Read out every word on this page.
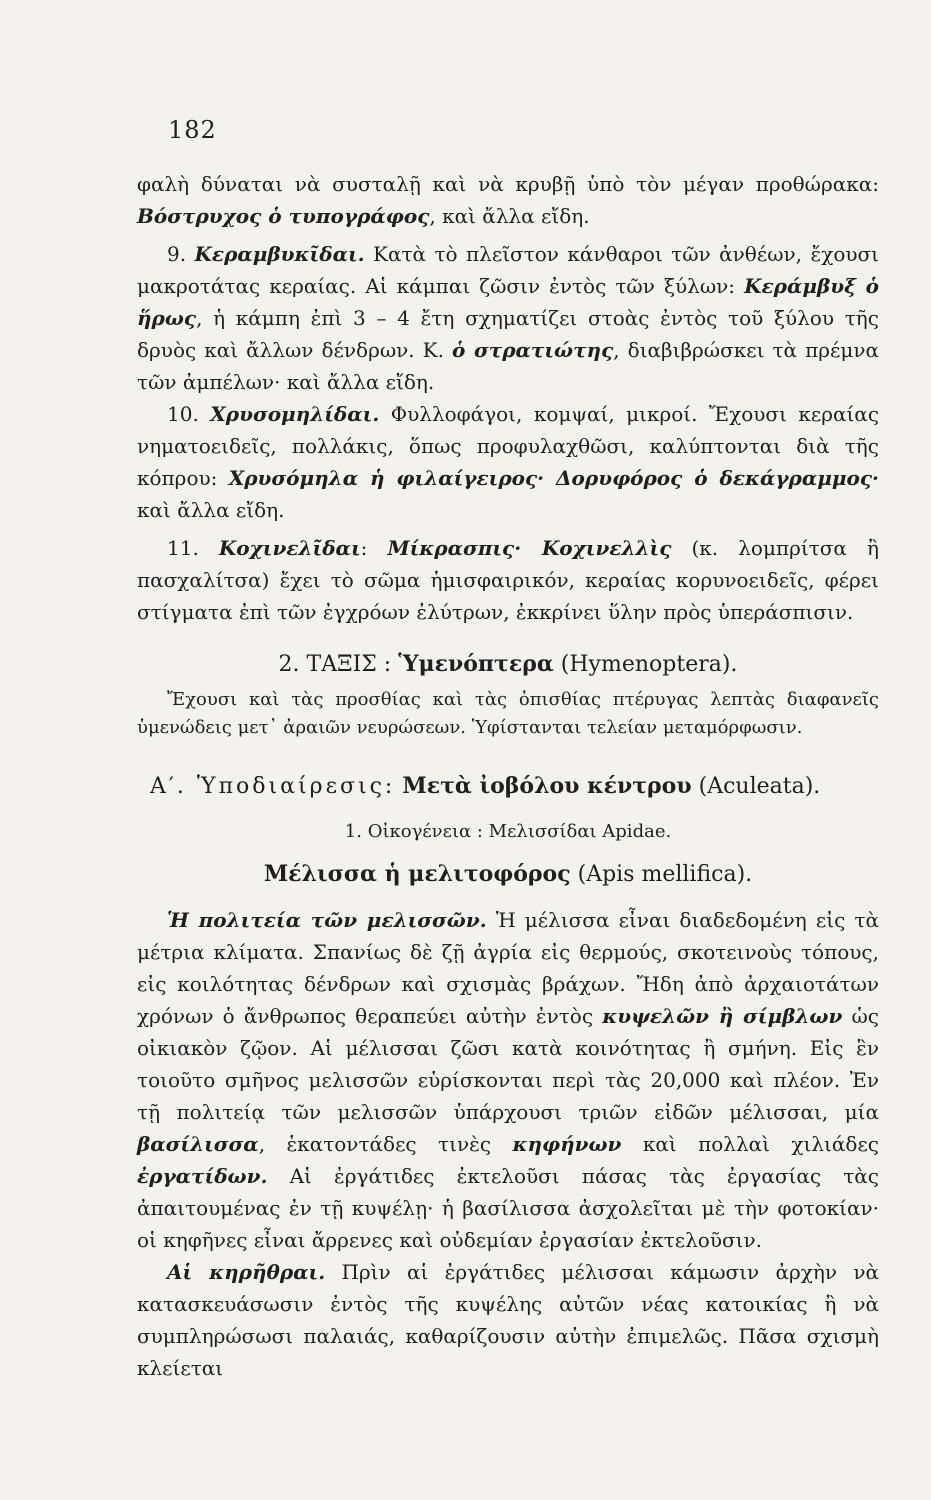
182

φαλὴ δύναται νὰ συσταλῇ καὶ νὰ κρυβῇ ὑπὸ τὸν μέγαν προθώρακα: Βόστρυχος ὁ τυπογράφος, καὶ ἄλλα εἴδη.

9. Κεραμβυκῖδαι. Κατὰ τὸ πλεῖστον κάνθαροι τῶν ἀνθέων, ἔχουσι μακροτάτας κεραίας. Αἱ κάμπαι ζῶσιν ἐντὸς τῶν ξύλων: Κεράμβυξ ὁ ἥρως, ἡ κάμπη ἐπὶ 3 – 4 ἔτη σχηματίζει στοὰς ἐντὸς τοῦ ξύλου τῆς δρυὸς καὶ ἄλλων δένδρων. Κ. ὁ στρατιώτης, διαβιβρώσκει τὰ πρέμνα τῶν ἀμπέλων· καὶ ἄλλα εἴδη.

10. Χρυσομηλίδαι. Φυλλοφάγοι, κομψαί, μικροί. Ἔχουσι κεραίας νηματοειδεῖς, πολλάκις, ὅπως προφυλαχθῶσι, καλύπτονται διὰ τῆς κόπρου: Χρυσόμηλα ἡ φιλαίγειρος· Δορυφόρος ὁ δεκάγραμμος· καὶ ἄλλα εἴδη.

11. Κοχινελῖδαι: Μίκρασπις· Κοχινελλὶς (κ. λομπρίτσα ἢ πασχαλίτσα) ἔχει τὸ σῶμα ἡμισφαιρικόν, κεραίας κορυνοειδεῖς, φέρει στίγματα ἐπὶ τῶν ἐγχρόων ἐλύτρων, ἐκκρίνει ὕλην πρὸς ὑπεράσπισιν.

2. ΤΑΞΙΣ : Ὑμενόπτερα (Hymenoptera).
Ἔχουσι καὶ τὰς προσθίας καὶ τὰς ὀπισθίας πτέρυγας λεπτὰς διαφανεῖς ὑμενώδεις μετ᾽ ἀραιῶν νευρώσεων. Ὑφίστανται τελείαν μεταμόρφωσιν.
Α′. Ὑποδιαίρεσις: Μετὰ ἰοβόλου κέντρου (Aculeata).
1. Οἰκογένεια : Μελισσίδαι Apidae.
Μέλισσα ἡ μελιτοφόρος (Apis mellifica).

Ἡ πολιτεία τῶν μελισσῶν. Ἡ μέλισσα εἶναι διαδεδομένη εἰς τὰ μέτρια κλίματα. Σπανίως δὲ ζῇ ἀγρία εἰς θερμούς, σκοτεινοὺς τόπους, εἰς κοιλότητας δένδρων καὶ σχισμὰς βράχων. Ἤδη ἀπὸ ἀρχαιοτάτων χρόνων ὁ ἄνθρωπος θεραπεύει αὐτὴν ἐντὸς κυψελῶν ἢ σίμβλων ὡς οἰκιακὸν ζῷον. Αἱ μέλισσαι ζῶσι κατὰ κοινότητας ἢ σμήνη. Εἰς ἓν τοιοῦτο σμῆνος μελισσῶν εὑρίσκονται περὶ τὰς 20,000 καὶ πλέον. Ἐν τῇ πολιτείᾳ τῶν μελισσῶν ὑπάρχουσι τριῶν εἰδῶν μέλισσαι, μία βασίλισσα, ἑκατοντάδες τινὲς κηφήνων καὶ πολλαὶ χιλιάδες ἐργατίδων. Αἱ ἐργάτιδες ἐκτελοῦσι πάσας τὰς ἐργασίας τὰς ἀπαιτουμένας ἐν τῇ κυψέλῃ· ἡ βασίλισσα ἀσχολεῖται μὲ τὴν φοτοκίαν· οἱ κηφῆνες εἶναι ἄρρενες καὶ οὐδεμίαν ἐργασίαν ἐκτελοῦσιν.

Αἱ κηρῆθραι. Πρὶν αἱ ἐργάτιδες μέλισσαι κάμωσιν ἀρχὴν νὰ κατασκευάσωσιν ἐντὸς τῆς κυψέλης αὐτῶν νέας κατοικίας ἢ νὰ συμπληρώσωσι παλαιάς, καθαρίζουσιν αὐτὴν ἐπιμελῶς. Πᾶσα σχισμὴ κλείεται
